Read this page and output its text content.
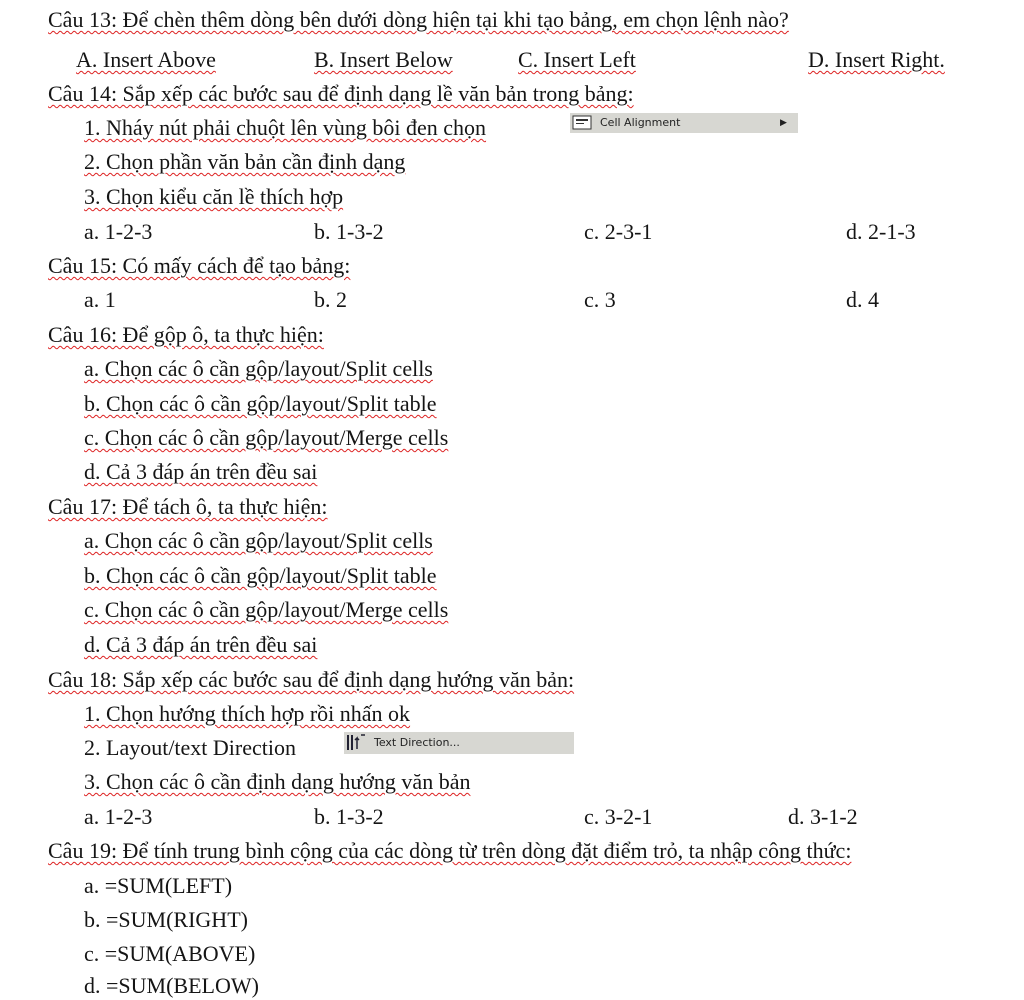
Câu 13: Để chèn thêm dòng bên dưới dòng hiện tại khi tạo bảng, em chọn lệnh nào?
A. Insert Above	B. Insert Below	C. Insert Left	D. Insert Right.
Câu 14: Sắp xếp các bước sau để định dạng lề văn bản trong bảng:
1. Nháy nút phải chuột lên vùng bôi đen chọn	Cell Alignment	▶
2. Chọn phần văn bản cần định dạng
3. Chọn kiểu căn lề thích hợp
a. 1-2-3	b. 1-3-2	c. 2-3-1	d. 2-1-3
Câu 15: Có mấy cách để tạo bảng:
a. 1	b. 2	c. 3	d. 4
Câu 16: Để gộp ô, ta thực hiện:
a. Chọn các ô cần gộp/layout/Split cells
b. Chọn các ô cần gộp/layout/Split table
c. Chọn các ô cần gộp/layout/Merge cells
d. Cả 3 đáp án trên đều sai
Câu 17: Để tách ô, ta thực hiện:
a. Chọn các ô cần gộp/layout/Split cells
b. Chọn các ô cần gộp/layout/Split table
c. Chọn các ô cần gộp/layout/Merge cells
d. Cả 3 đáp án trên đều sai
Câu 18: Sắp xếp các bước sau để định dạng hướng văn bản:
1. Chọn hướng thích hợp rồi nhấn ok
2. Layout/text Direction	Text Direction...
3. Chọn các ô cần định dạng hướng văn bản
a. 1-2-3	b. 1-3-2	c. 3-2-1	d. 3-1-2
Câu 19: Để tính trung bình cộng của các dòng từ trên dòng đặt điểm trỏ, ta nhập công thức:
a. =SUM(LEFT)
b. =SUM(RIGHT)
c. =SUM(ABOVE)
d. =SUM(BELOW)
